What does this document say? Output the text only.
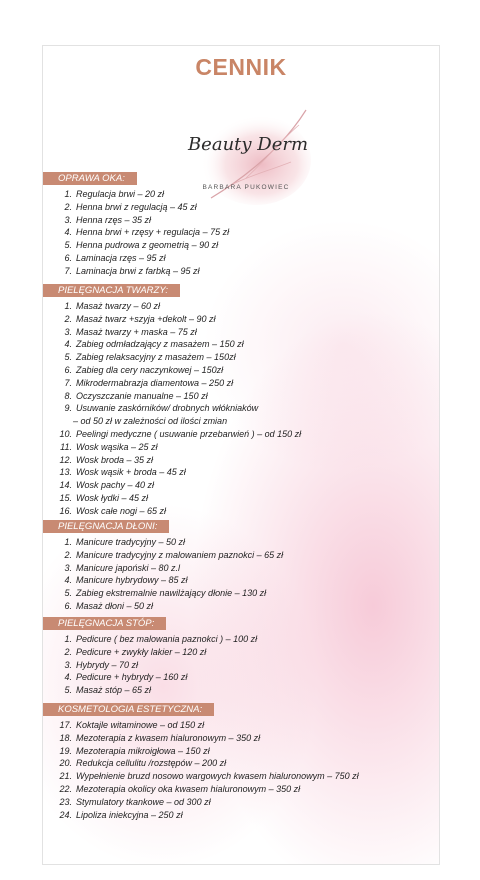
CENNIK
Beauty Derm
BARBARA PUKOWIEC
OPRAWA OKA:
1. Regulacja brwi – 20 zł
2. Henna brwi z regulacją – 45 zł
3. Henna rzęs – 35 zł
4. Henna brwi + rzęsy + regulacja – 75 zł
5. Henna pudrowa z geometrią – 90 zł
6. Laminacja rzęs – 95 zł
7. Laminacja brwi z farbką – 95 zł
PIELĘGNACJA TWARZY:
1. Masaż twarzy – 60 zł
2. Masaż twarz +szyja +dekolt – 90 zł
3. Masaż twarzy + maska – 75 zł
4. Zabieg odmładzający z masażem – 150 zł
5. Zabieg relaksacyjny z masażem – 150zł
6. Zabieg dla cery naczynkowej – 150zł
7. Mikrodermabrazja diamentowa – 250 zł
8. Oczyszczanie manualne – 150 zł
9. Usuwanie zaskórników/ drobnych włókniaków
– od 50 zł w zależności od ilości zmian
10. Peelingi medyczne ( usuwanie przebarwień ) – od 150 zł
11. Wosk wąsika – 25 zł
12. Wosk broda – 35 zł
13. Wosk wąsik + broda – 45 zł
14. Wosk pachy – 40 zł
15. Wosk łydki – 45 zł
16. Wosk całe nogi – 65 zł
PIELĘGNACJA DŁONI:
1. Manicure tradycyjny – 50 zł
2. Manicure tradycyjny z malowaniem paznokci – 65 zł
3. Manicure japoński – 80 z.l
4. Manicure hybrydowy – 85 zł
5. Zabieg ekstremalnie nawilżający dłonie – 130 zł
6. Masaż dłoni – 50 zł
PIELĘGNACJA STÓP:
1. Pedicure ( bez malowania paznokci ) – 100 zł
2. Pedicure + zwykły lakier – 120 zł
3. Hybrydy – 70 zł
4. Pedicure + hybrydy – 160 zł
5. Masaż stóp – 65 zł
KOSMETOLOGIA ESTETYCZNA:
17. Koktajle witaminowe – od 150 zł
18. Mezoterapia z kwasem hialuronowym – 350 zł
19. Mezoterapia mikroigłowa – 150 zł
20. Redukcja cellulitu /rozstępów – 200 zł
21. Wypełnienie bruzd nosowo wargowych kwasem hialuronowym – 750 zł
22. Mezoterapia okolicy oka kwasem hialuronowym – 350 zł
23. Stymulatory tkankowe – od 300 zł
24. Lipoliza iniekcyjna – 250 zł
